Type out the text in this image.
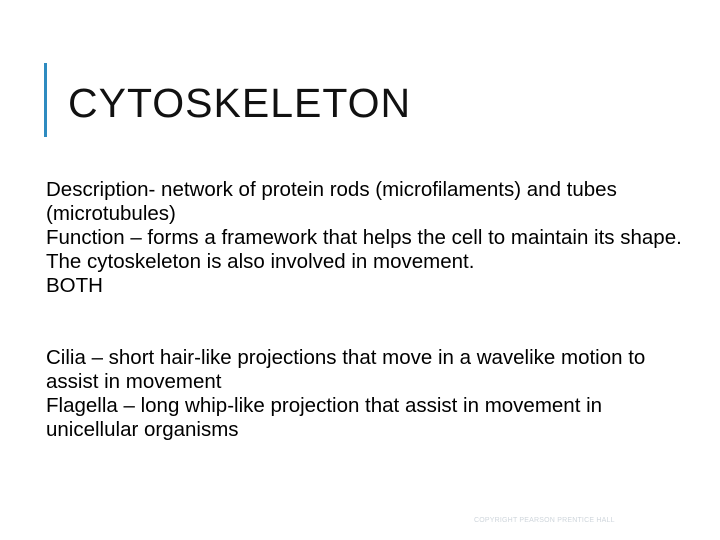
CYTOSKELETON

Description- network of protein rods (microfilaments) and tubes (microtubules)

Function – forms a framework that helps the cell to maintain its shape. The cytoskeleton is also involved in movement.

BOTH

Cilia – short hair-like projections that move in a wavelike motion to assist in movement

Flagella – long whip-like projection that assist in movement in unicellular organisms

COPYRIGHT PEARSON PRENTICE HALL
